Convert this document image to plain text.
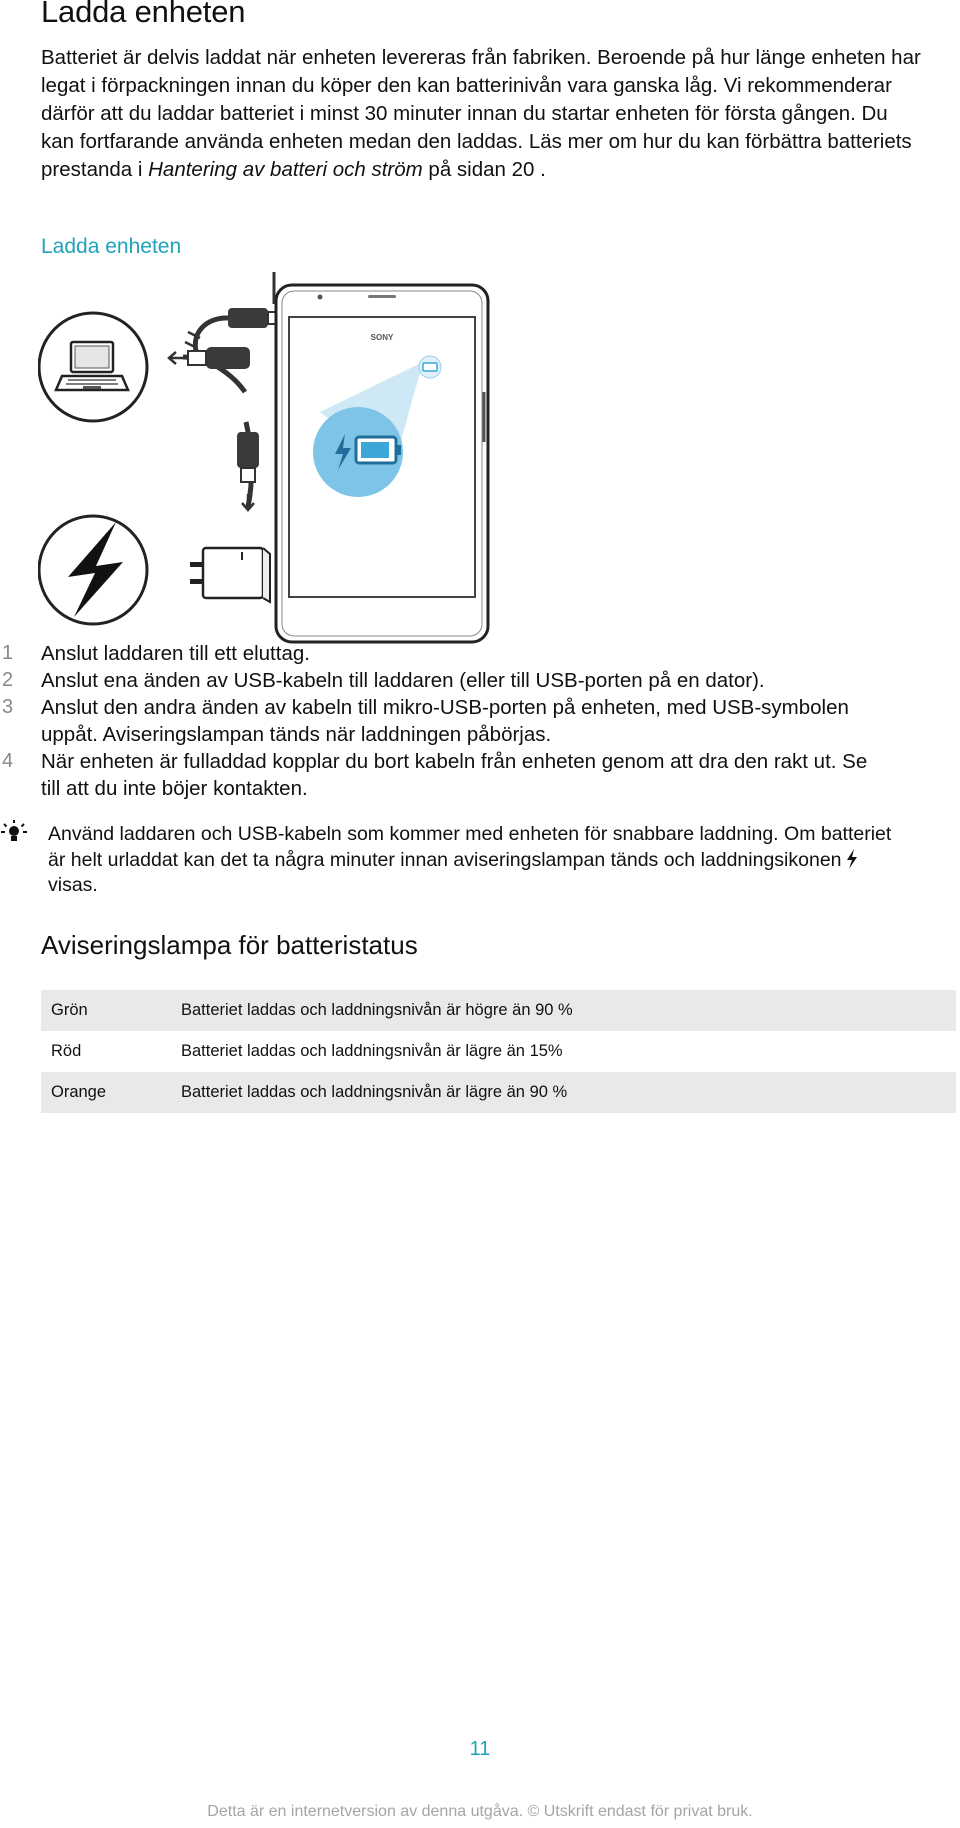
Ladda enheten
Batteriet är delvis laddat när enheten levereras från fabriken. Beroende på hur länge enheten har legat i förpackningen innan du köper den kan batterinivån vara ganska låg. Vi rekommenderar därför att du laddar batteriet i minst 30 minuter innan du startar enheten för första gången. Du kan fortfarande använda enheten medan den laddas. Läs mer om hur du kan förbättra batteriets prestanda i Hantering av batteri och ström på sidan 20 .
Ladda enheten
SONY
1 Anslut laddaren till ett eluttag.
2 Anslut ena änden av USB-kabeln till laddaren (eller till USB-porten på en dator).
3 Anslut den andra änden av kabeln till mikro-USB-porten på enheten, med USB-symbolen uppåt. Aviseringslampan tänds när laddningen påbörjas.
4 När enheten är fulladdad kopplar du bort kabeln från enheten genom att dra den rakt ut. Se till att du inte böjer kontakten.
Använd laddaren och USB-kabeln som kommer med enheten för snabbare laddning. Om batteriet är helt urladdat kan det ta några minuter innan aviseringslampan tänds och laddningsikonenvisas.
Aviseringslampa för batteristatus
Grön	Batteriet laddas och laddningsnivån är högre än 90 %
Röd	Batteriet laddas och laddningsnivån är lägre än 15%
Orange	Batteriet laddas och laddningsnivån är lägre än 90 %
11
Detta är en internetversion av denna utgåva. © Utskrift endast för privat bruk.
